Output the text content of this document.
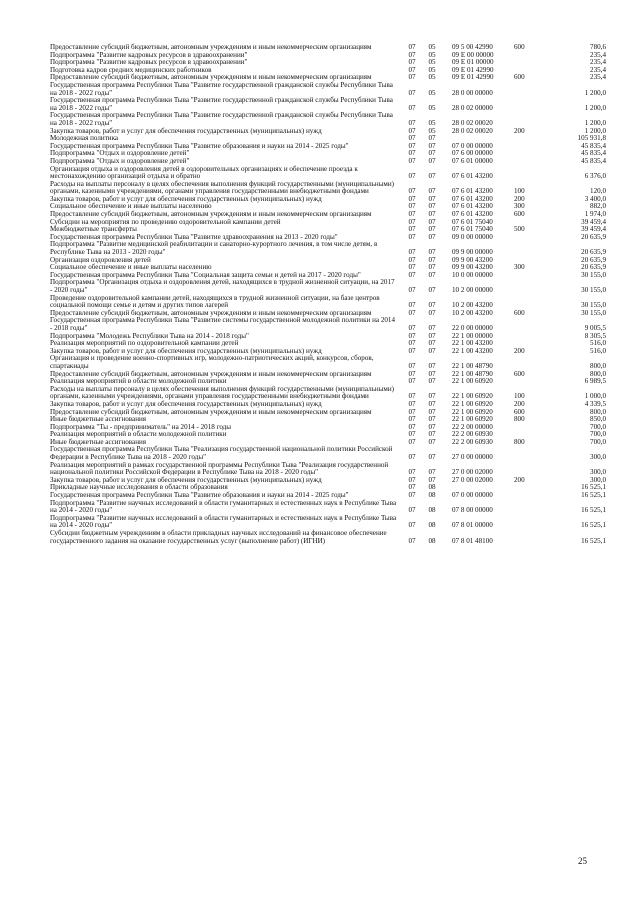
Предоставление субсидий бюджетным, автономным учреждениям и иным некоммерческим организациям	07	05	09 5 00 42990	600	780,6
Подпрограмма "Развитие кадровых ресурсов в здравоохранении"	07	05	09 Е 00 00000	235,4
Подпрограмма "Развитие кадровых ресурсов в здравоохранении"	07	05	09 Е 01 00000	235,4
Подготовка кадров средних медицинских работников	07	05	09 Е 01 42990	235,4
Предоставление субсидий бюджетным, автономным учреждениям и иным некоммерческим организациям	07	05	09 Е 01 42990	600	235,4
Государственная программа Республики Тыва "Развитие государственной гражданской службы Республики Тыва на 2018 - 2022 годы"	07	05	28 0 00 00000	1 200,0
Государственная программа Республики Тыва "Развитие государственной гражданской службы Республики Тыва на 2018 - 2022 годы"	07	05	28 0 02 00000	1 200,0
Государственная программа Республики Тыва "Развитие государственной гражданской службы Республики Тыва на 2018 - 2022 годы"	07	05	28 0 02 00020	1 200,0
Закупка товаров, работ и услуг для обеспечения государственных (муниципальных) нужд	07	05	28 0 02 00020	200	1 200,0
Молодежная политика	07	07	105 931,8
Государственная программа Республики Тыва "Развитие образования и науки на 2014 - 2025 годы"	07	07	07 0 00 00000	45 835,4
Подпрограмма "Отдых и оздоровление детей"	07	07	07 6 00 00000	45 835,4
Подпрограмма "Отдых и оздоровление детей"	07	07	07 6 01 00000	45 835,4
Организация отдыха и оздоровления детей в оздоровительных организациях и обеспечение проезда к местонахождению организаций отдыха и обратно	07	07	07 6 01 43200	6 376,0
Расходы на выплаты персоналу в целях обеспечения выполнения функций государственными (муниципальными) органами, казенными учреждениями, органами управления государственными внебюджетными фондами	07	07	07 6 01 43200	100	120,0
Закупка товаров, работ и услуг для обеспечения государственных (муниципальных) нужд	07	07	07 6 01 43200	200	3 400,0
Социальное обеспечение и иные выплаты населению	07	07	07 6 01 43200	300	882,0
Предоставление субсидий бюджетным, автономным учреждениям и иным некоммерческим организациям	07	07	07 6 01 43200	600	1 974,0
Субсидии на мероприятия по проведению оздоровительной кампании детей	07	07	07 6 01 75040	39 459,4
Межбюджетные трансферты	07	07	07 6 01 75040	500	39 459,4
Государственная программа Республики Тыва "Развитие здравоохранения на 2013 - 2020 годы"	07	07	09 0 00 00000	20 635,9
Подпрограмма "Развитие медицинской реабилитации и санаторно-курортного лечения, в том числе детям, в Республике Тыва на 2013 - 2020 годы"	07	07	09 9 00 00000	20 635,9
Организация оздоровления детей	07	07	09 9 00 43200	20 635,9
Социальное обеспечение и иные выплаты населению	07	07	09 9 00 43200	300	20 635,9
Государственная программа Республики Тыва "Социальная защита семьи и детей на 2017 - 2020 годы"	07	07	10 0 00 00000	30 155,0
Подпрограмма "Организация отдыха и оздоровления детей, находящихся в трудной жизненной ситуации, на 2017 - 2020 годы"	07	07	10 2 00 00000	30 155,0
Проведение оздоровительной кампании детей, находящихся в трудной жизненной ситуации, на базе центров социальной помощи семье и детям и других типов лагерей	07	07	10 2 00 43200	30 155,0
Предоставление субсидий бюджетным, автономным учреждениям и иным некоммерческим организациям	07	07	10 2 00 43200	600	30 155,0
Государственная программа Республики Тыва "Развитие системы государственной молодежной политики на 2014 - 2018 годы"	07	07	22 0 00 00000	9 005,5
Подпрограмма "Молодежь Республики Тыва на 2014 - 2018 годы"	07	07	22 1 00 00000	8 305,5
Реализация мероприятий по оздоровительной кампании детей	07	07	22 1 00 43200	516,0
Закупка товаров, работ и услуг для обеспечения государственных (муниципальных) нужд	07	07	22 1 00 43200	200	516,0
Организация и проведение военно-спортивных игр, молодежно-патриотических акций, конкурсов, сборов, спартакиады	07	07	22 1 00 48790	800,0
Предоставление субсидий бюджетным, автономным учреждениям и иным некоммерческим организациям	07	07	22 1 00 48790	600	800,0
Реализация мероприятий в области молодежной политики	07	07	22 1 00 60920	6 989,5
Расходы на выплаты персоналу в целях обеспечения выполнения функций государственными (муниципальными) органами, казенными учреждениями, органами управления государственными внебюджетными фондами	07	07	22 1 00 60920	100	1 000,0
Закупка товаров, работ и услуг для обеспечения государственных (муниципальных) нужд	07	07	22 1 00 60920	200	4 339,5
Предоставление субсидий бюджетным, автономным учреждениям и иным некоммерческим организациям	07	07	22 1 00 60920	600	800,0
Иные бюджетные ассигнования	07	07	22 1 00 60920	800	850,0
Подпрограмма "Ты - предприниматель" на 2014 - 2018 годы	07	07	22 2 00 00000	700,0
Реализация мероприятий в области молодежной политики	07	07	22 2 00 60930	700,0
Иные бюджетные ассигнования	07	07	22 2 00 60930	800	700,0
Государственная программа Республики Тыва "Реализация государственной национальной политики Российской Федерации в Республике Тыва на 2018 - 2020 годы"	07	07	27 0 00 00000	300,0
Реализация мероприятий в рамках государственной программы Республики Тыва "Реализация государственной национальной политики Российской Федерации в Республике Тыва на 2018 - 2020 годы"	07	07	27 0 00 02000	300,0
Закупка товаров, работ и услуг для обеспечения государственных (муниципальных) нужд	07	07	27 0 00 02000	200	300,0
Прикладные научные исследования в области образования	07	08	16 525,1
Государственная программа Республики Тыва "Развитие образования и науки на 2014 - 2025 годы"	07	08	07 0 00 00000	16 525,1
Подпрограмма "Развитие научных исследований в области гуманитарных и естественных наук в Республике Тыва на 2014 - 2020 годы"	07	08	07 8 00 00000	16 525,1
Подпрограмма "Развитие научных исследований в области гуманитарных и естественных наук в Республике Тыва на 2014 - 2020 годы"	07	08	07 8 01 00000	16 525,1
Субсидии бюджетным учреждениям в области прикладных научных исследований на финансовое обеспечение государственного задания на оказание государственных услуг (выполнение работ) (ИГНИ)	07	08	07 8 01 48100	16 525,1
25
